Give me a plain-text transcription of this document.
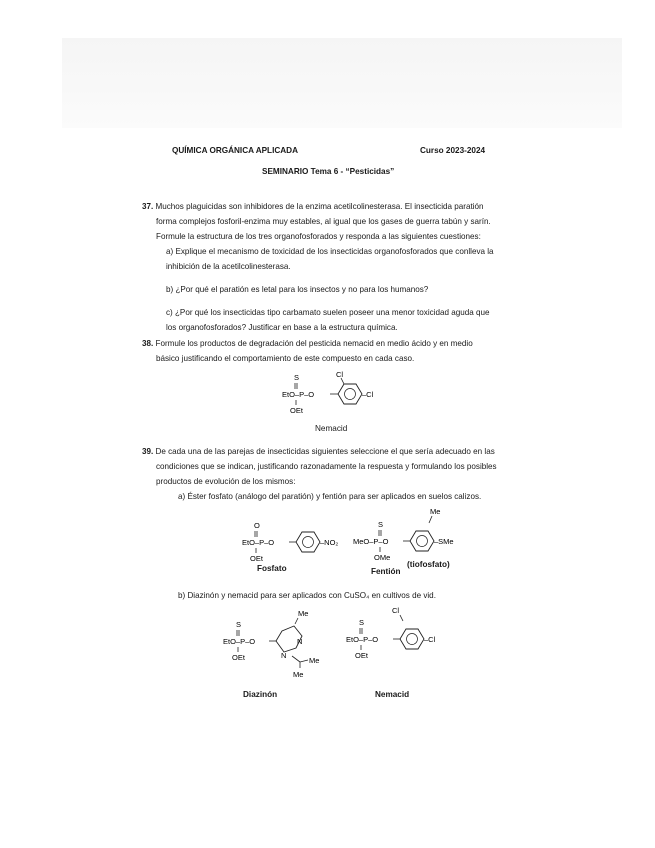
QUÍMICA ORGÁNICA APLICADA	Curso 2023-2024
SEMINARIO Tema 6 - “Pesticidas”
37. Muchos plaguicidas son inhibidores de la enzima acetilcolinesterasa. El insecticida paratión
forma complejos fosforil-enzima muy estables, al igual que los gases de guerra tabún y sarín.
Formule la estructura de los tres organofosforados y responda a las siguientes cuestiones:
a) Explique el mecanismo de toxicidad de los insecticidas organofosforados que conlleva la
inhibición de la acetilcolinesterasa.
b) ¿Por qué el paratión es letal para los insectos y no para los humanos?
c) ¿Por qué los insecticidas tipo carbamato suelen poseer una menor toxicidad aguda que
los organofosforados? Justificar en base a la estructura química.
38. Formule los productos de degradación del pesticida nemacid en medio ácido y en medio
básico justificando el comportamiento de este compuesto en cada caso.
S
EtO–P–O
OEt
Cl
–Cl
Nemacid
39. De cada una de las parejas de insecticidas siguientes seleccione el que sería adecuado en las
condiciones que se indican, justificando razonadamente la respuesta y formulando los posibles
productos de evolución de los mismos:
a) Éster fosfato (análogo del paratión) y fentión para ser aplicados en suelos calizos.
O
EtO–P–O
OEt
–NO₂
Fosfato
Me
S
MeO–P–O
OMe
–SMe
Fentión
(tiofosfato)
b) Diazinón y nemacid para ser aplicados con CuSO₄ en cultivos de vid.
Me
S
EtO–P–O
OEt
N
N
Me
Me
Diazinón
Cl
S
EtO–P–O
OEt
–Cl
Nemacid
